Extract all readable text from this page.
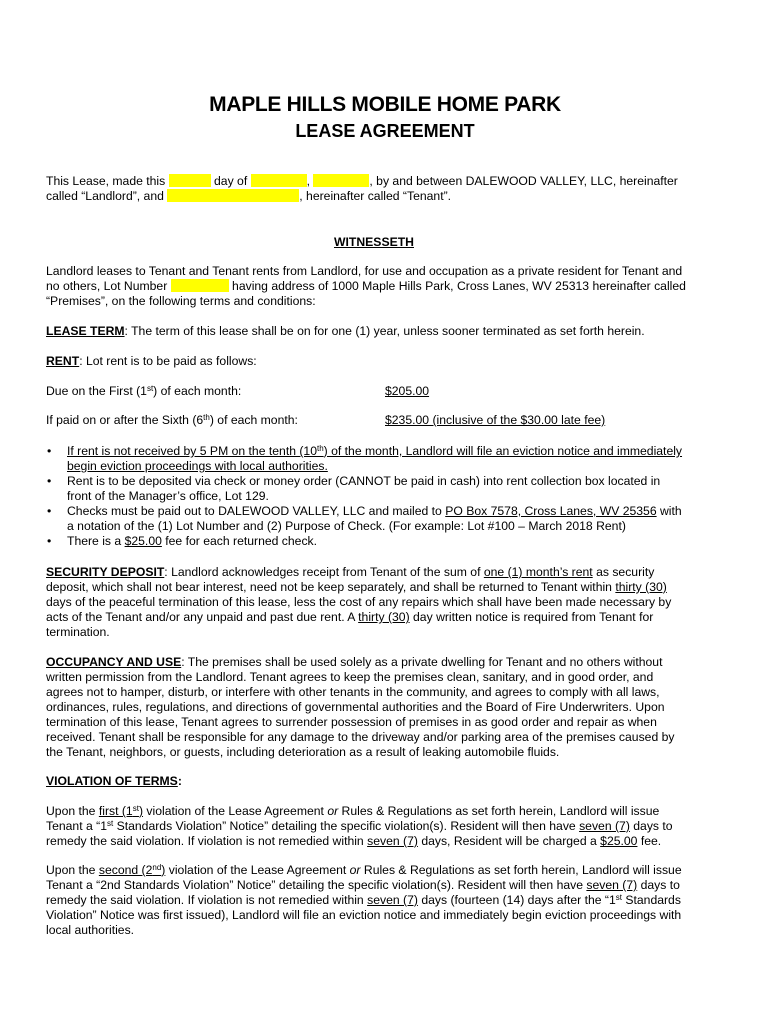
MAPLE HILLS MOBILE HOME PARK
LEASE AGREEMENT

This Lease, made this	day of	,	, by and between DALEWOOD VALLEY, LLC, hereinafter
called “Landlord”, and	, hereinafter called “Tenant”.

WITNESSETH

Landlord leases to Tenant and Tenant rents from Landlord, for use and occupation as a private resident for Tenant and
no others, Lot Number	having address of 1000 Maple Hills Park, Cross Lanes, WV 25313 hereinafter called
“Premises”, on the following terms and conditions:

LEASE TERM: The term of this lease shall be on for one (1) year, unless sooner terminated as set forth herein.

RENT: Lot rent is to be paid as follows:

Due on the First (1st) of each month:	$205.00

If paid on or after the Sixth (6th) of each month:	$235.00 (inclusive of the $30.00 late fee)

• If rent is not received by 5 PM on the tenth (10th) of the month, Landlord will file an eviction notice and immediately
begin eviction proceedings with local authorities.
• Rent is to be deposited via check or money order (CANNOT be paid in cash) into rent collection box located in
front of the Manager’s office, Lot 129.
• Checks must be paid out to DALEWOOD VALLEY, LLC and mailed to PO Box 7578, Cross Lanes, WV 25356 with
a notation of the (1) Lot Number and (2) Purpose of Check. (For example: Lot #100 – March 2018 Rent)
• There is a $25.00 fee for each returned check.

SECURITY DEPOSIT: Landlord acknowledges receipt from Tenant of the sum of one (1) month’s rent as security
deposit, which shall not bear interest, need not be keep separately, and shall be returned to Tenant within thirty (30)
days of the peaceful termination of this lease, less the cost of any repairs which shall have been made necessary by
acts of the Tenant and/or any unpaid and past due rent. A thirty (30) day written notice is required from Tenant for
termination.

OCCUPANCY AND USE: The premises shall be used solely as a private dwelling for Tenant and no others without
written permission from the Landlord. Tenant agrees to keep the premises clean, sanitary, and in good order, and
agrees not to hamper, disturb, or interfere with other tenants in the community, and agrees to comply with all laws,
ordinances, rules, regulations, and directions of governmental authorities and the Board of Fire Underwriters. Upon
termination of this lease, Tenant agrees to surrender possession of premises in as good order and repair as when
received. Tenant shall be responsible for any damage to the driveway and/or parking area of the premises caused by
the Tenant, neighbors, or guests, including deterioration as a result of leaking automobile fluids.

VIOLATION OF TERMS:

Upon the first (1st) violation of the Lease Agreement or Rules & Regulations as set forth herein, Landlord will issue
Tenant a “1st Standards Violation” Notice” detailing the specific violation(s). Resident will then have seven (7) days to
remedy the said violation. If violation is not remedied within seven (7) days, Resident will be charged a $25.00 fee.

Upon the second (2nd) violation of the Lease Agreement or Rules & Regulations as set forth herein, Landlord will issue
Tenant a “2nd Standards Violation” Notice” detailing the specific violation(s). Resident will then have seven (7) days to
remedy the said violation. If violation is not remedied within seven (7) days (fourteen (14) days after the “1st Standards
Violation” Notice was first issued), Landlord will file an eviction notice and immediately begin eviction proceedings with
local authorities.
